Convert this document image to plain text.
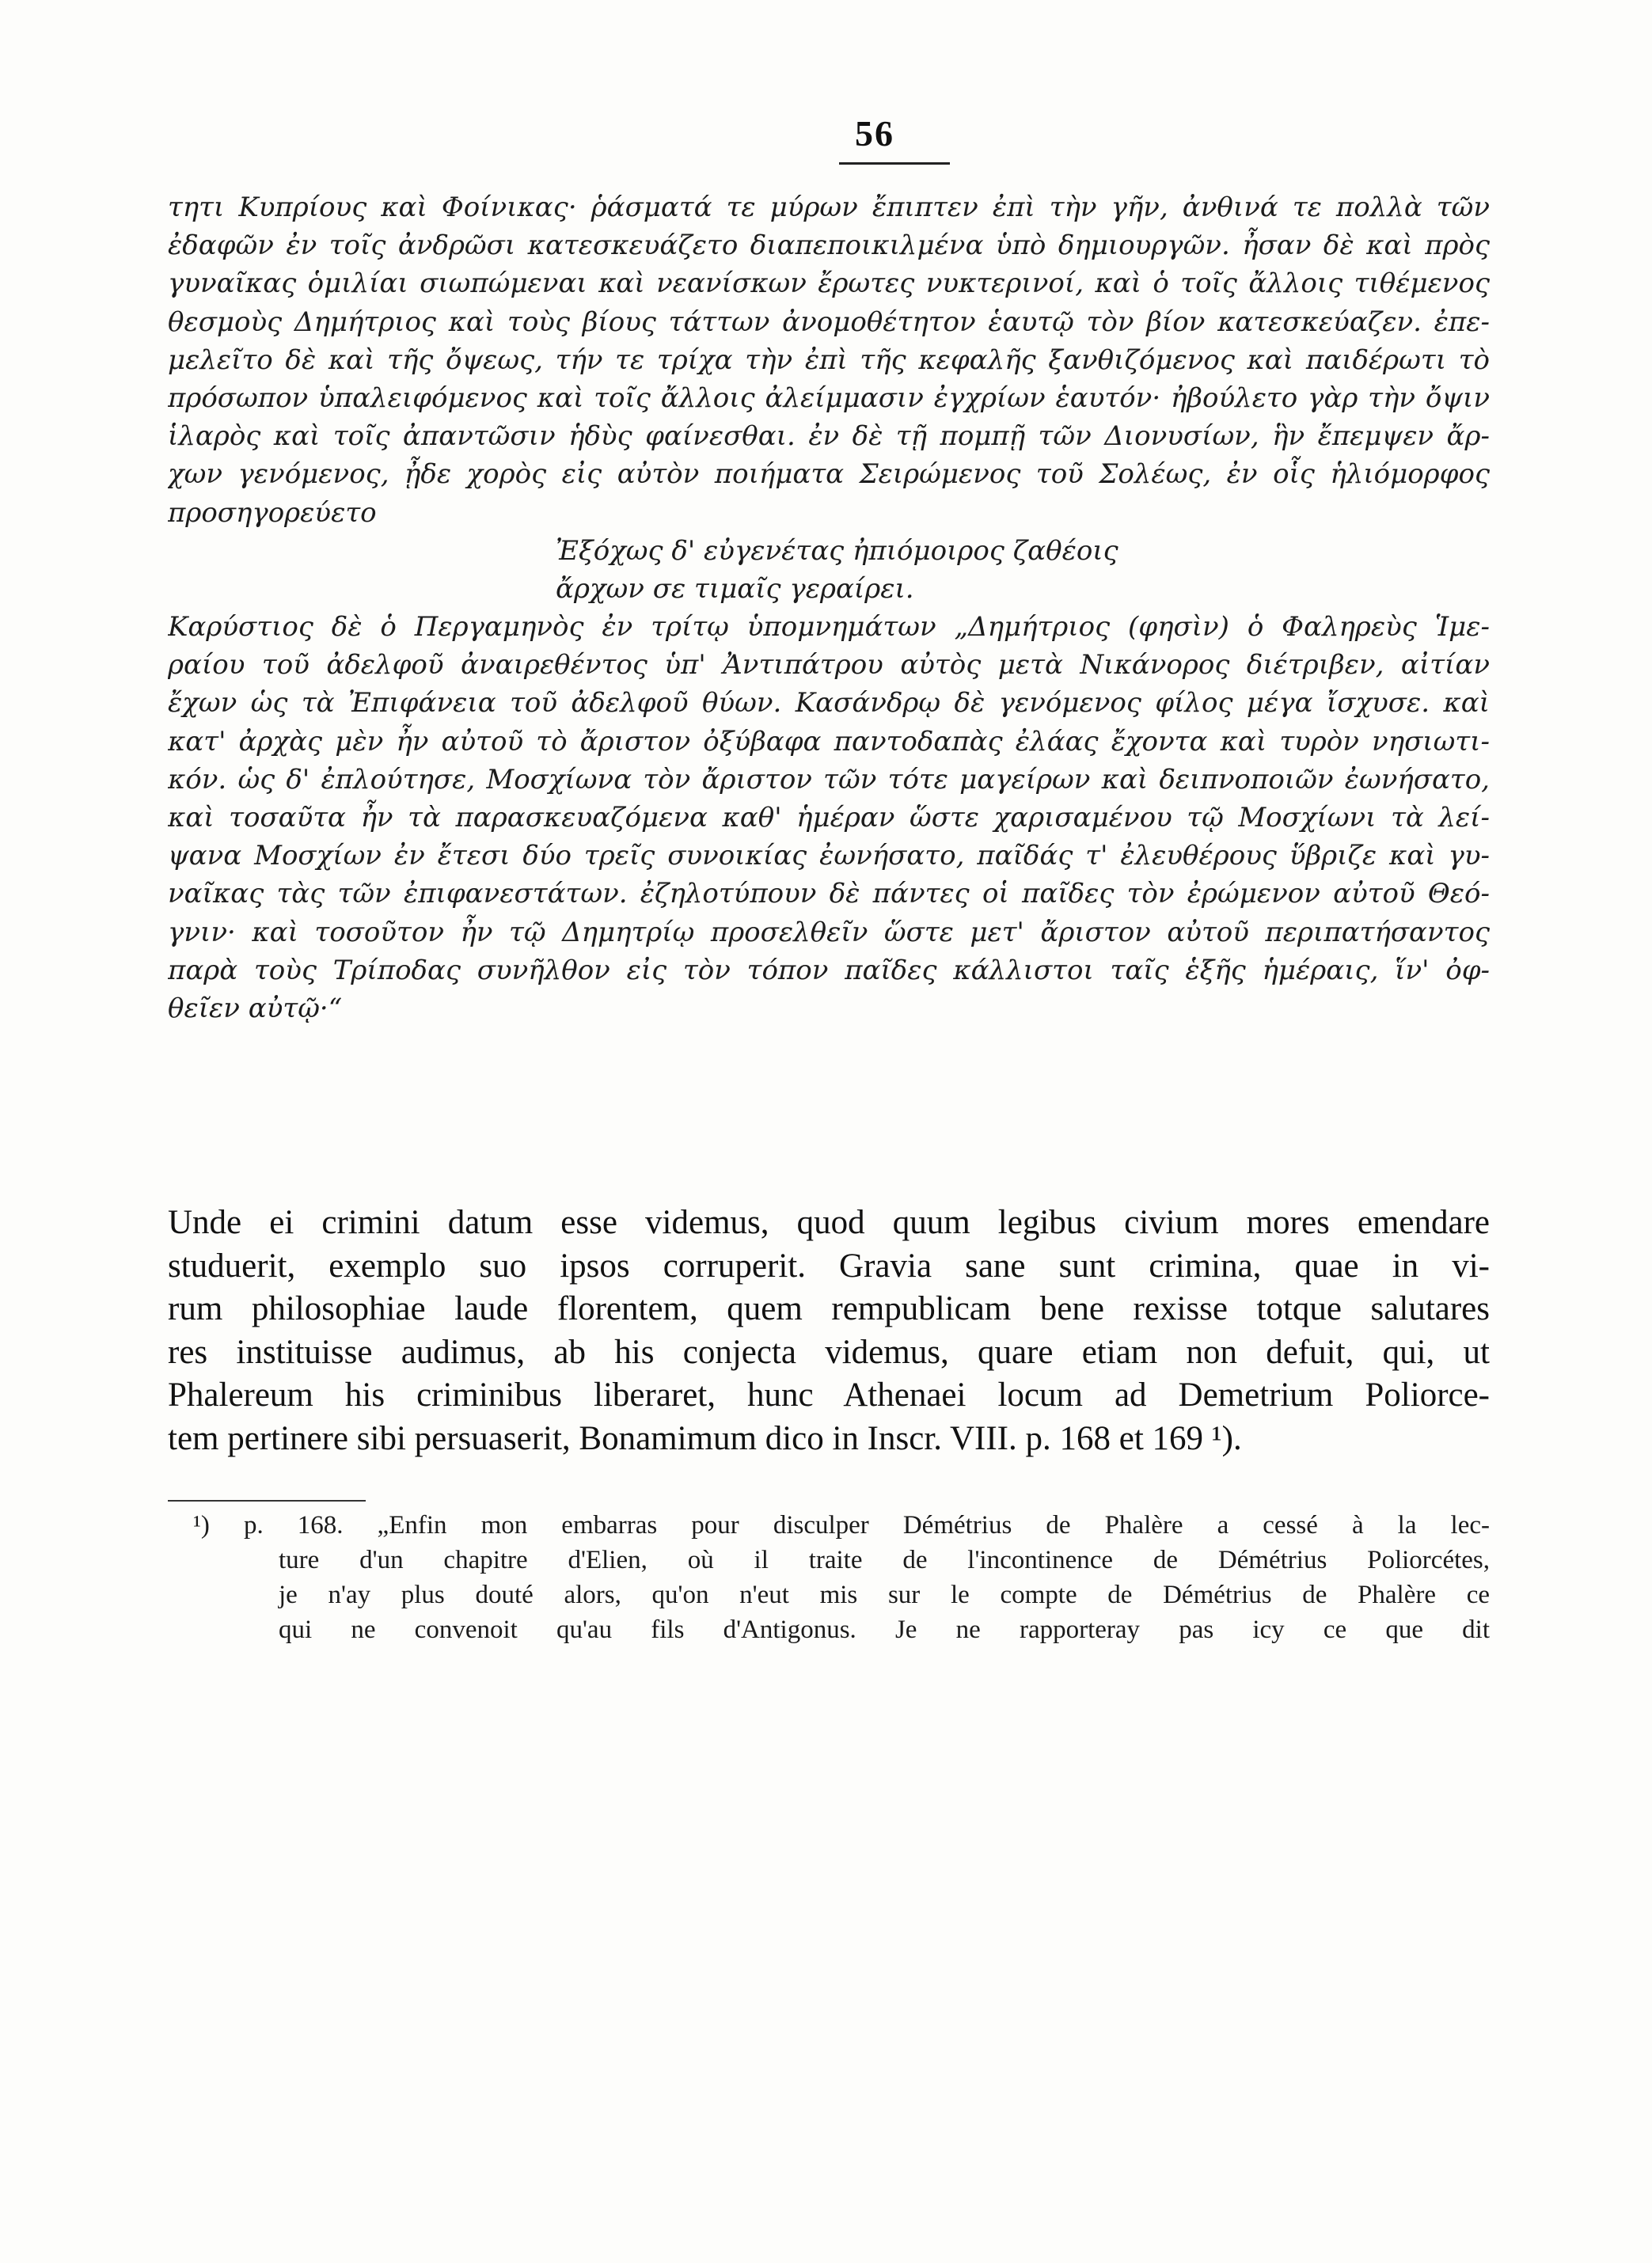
56
τητι Κυπρίους καὶ Φοίνικας· ῥάσματά τε μύρων ἔπιπτεν ἐπὶ τὴν γῆν, ἀνθινά τε πολλὰ τῶν
ἐδαφῶν ἐν τοῖς ἀνδρῶσι κατεσκευάζετο διαπεποικιλμένα ὑπὸ δημιουργῶν. ἦσαν δὲ καὶ πρὸς
γυναῖκας ὁμιλίαι σιωπώμεναι καὶ νεανίσκων ἔρωτες νυκτερινοί, καὶ ὁ τοῖς ἄλλοις τιθέμενος
θεσμοὺς Δημήτριος καὶ τοὺς βίους τάττων ἀνομοθέτητον ἑαυτῷ τὸν βίον κατεσκεύαζεν. ἐπε-
μελεῖτο δὲ καὶ τῆς ὄψεως, τήν τε τρίχα τὴν ἐπὶ τῆς κεφαλῆς ξανθιζόμενος καὶ παιδέρωτι τὸ
πρόσωπον ὑπαλειφόμενος καὶ τοῖς ἄλλοις ἀλείμμασιν ἐγχρίων ἑαυτόν· ἠβούλετο γὰρ τὴν ὄψιν
ἱλαρὸς καὶ τοῖς ἀπαντῶσιν ἡδὺς φαίνεσθαι. ἐν δὲ τῇ πομπῇ τῶν Διονυσίων, ἣν ἔπεμψεν ἄρ-
χων γενόμενος, ᾖδε χορὸς εἰς αὐτὸν ποιήματα Σειρώμενος τοῦ Σολέως, ἐν οἷς ἡλιόμορφος
προσηγορεύετο
Ἐξόχως δ' εὐγενέτας ἠπιόμοιρος ζαθέοις
ἄρχων σε τιμαῖς γεραίρει.
Καρύστιος δὲ ὁ Περγαμηνὸς ἐν τρίτῳ ὑπομνημάτων „Δημήτριος (φησὶν) ὁ Φαληρεὺς Ἱμε-
ραίου τοῦ ἀδελφοῦ ἀναιρεθέντος ὑπ' Ἀντιπάτρου αὐτὸς μετὰ Νικάνορος διέτριβεν, αἰτίαν
ἔχων ὡς τὰ Ἐπιφάνεια τοῦ ἀδελφοῦ θύων. Κασάνδρῳ δὲ γενόμενος φίλος μέγα ἴσχυσε. καὶ
κατ' ἀρχὰς μὲν ἦν αὐτοῦ τὸ ἄριστον ὀξύβαφα παντοδαπὰς ἐλάας ἔχοντα καὶ τυρὸν νησιωτι-
κόν. ὡς δ' ἐπλούτησε, Μοσχίωνα τὸν ἄριστον τῶν τότε μαγείρων καὶ δειπνοποιῶν ἐωνήσατο,
καὶ τοσαῦτα ἦν τὰ παρασκευαζόμενα καθ' ἡμέραν ὥστε χαρισαμένου τῷ Μοσχίωνι τὰ λεί-
ψανα Μοσχίων ἐν ἔτεσι δύο τρεῖς συνοικίας ἐωνήσατο, παῖδάς τ' ἐλευθέρους ὕβριζε καὶ γυ-
ναῖκας τὰς τῶν ἐπιφανεστάτων. ἐζηλοτύπουν δὲ πάντες οἱ παῖδες τὸν ἐρώμενον αὐτοῦ Θεό-
γνιν· καὶ τοσοῦτον ἦν τῷ Δημητρίῳ προσελθεῖν ὥστε μετ' ἄριστον αὐτοῦ περιπατήσαντος
παρὰ τοὺς Τρίποδας συνῆλθον εἰς τὸν τόπον παῖδες κάλλιστοι ταῖς ἑξῆς ἡμέραις, ἵν' ὀφ-
θεῖεν αὐτῷ·“
Unde ei crimini datum esse videmus, quod quum legibus civium mores emendare
studuerit, exemplo suo ipsos corruperit. Gravia sane sunt crimina, quae in vi-
rum philosophiae laude florentem, quem rempublicam bene rexisse totque salutares
res instituisse audimus, ab his conjecta videmus, quare etiam non defuit, qui, ut
Phalereum his criminibus liberaret, hunc Athenaei locum ad Demetrium Poliorce-
tem pertinere sibi persuaserit, Bonamimum dico in Inscr. VIII. p. 168 et 169 ¹).
¹) p. 168. „Enfin mon embarras pour disculper Démétrius de Phalère a cessé à la lec-
ture d'un chapitre d'Elien, où il traite de l'incontinence de Démétrius Poliorcétes,
je n'ay plus douté alors, qu'on n'eut mis sur le compte de Démétrius de Phalère ce
qui ne convenoit qu'au fils d'Antigonus. Je ne rapporteray pas icy ce que dit
